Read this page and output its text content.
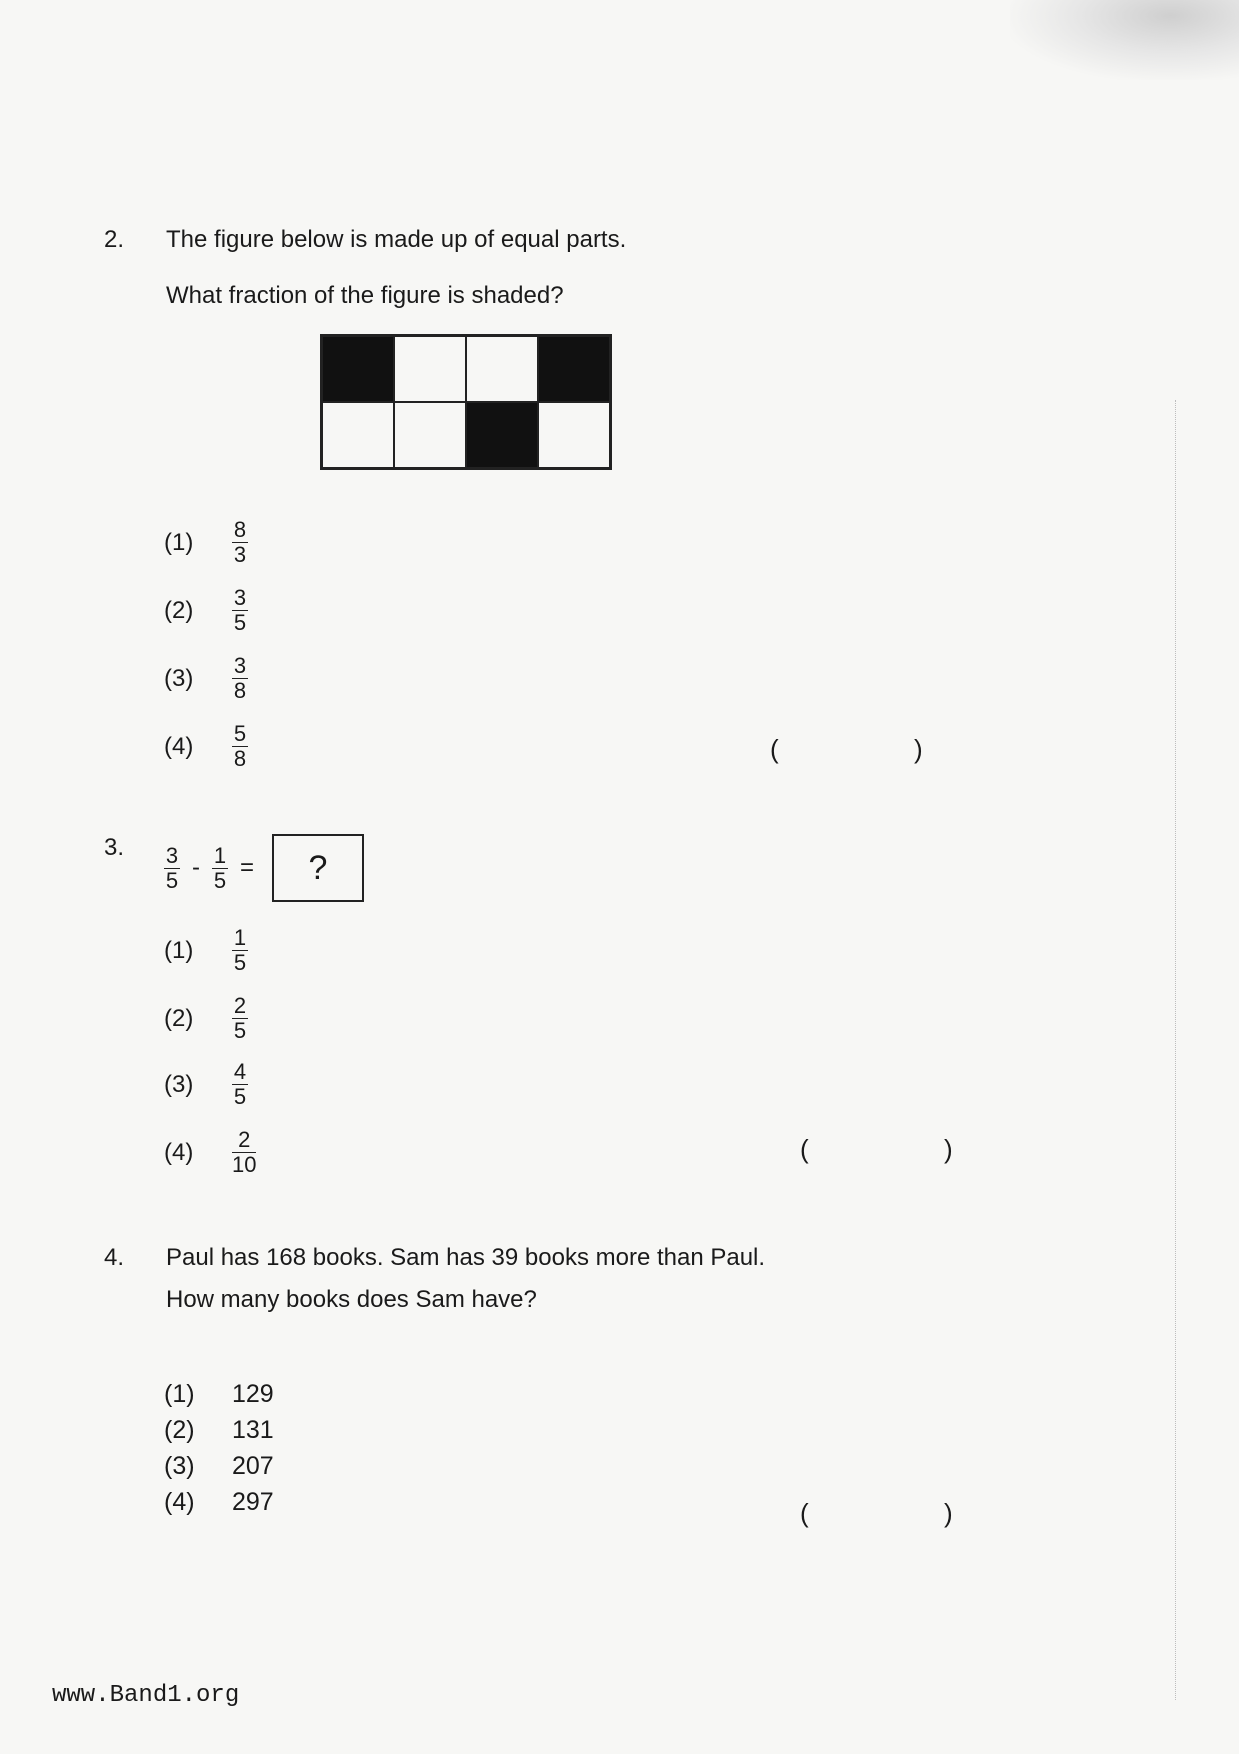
2. The figure below is made up of equal parts.
What fraction of the figure is shaded?
(1)	$\frac{8}{3}$
(2)	$\frac{3}{5}$
(3)	$\frac{3}{8}$
(4)	$\frac{5}{8}$	(	)
3. $\frac{3}{5} - \frac{1}{5}$ =	?
(1)	$\frac{1}{5}$
(2)	$\frac{2}{5}$
(3)	$\frac{4}{5}$
(4)	$\frac{2}{10}$	(	)
4. Paul has 168 books. Sam has 39 books more than Paul.
How many books does Sam have?
(1)	129
(2)	131
(3)	207
(4)	297	(	)
www.Band1.org
